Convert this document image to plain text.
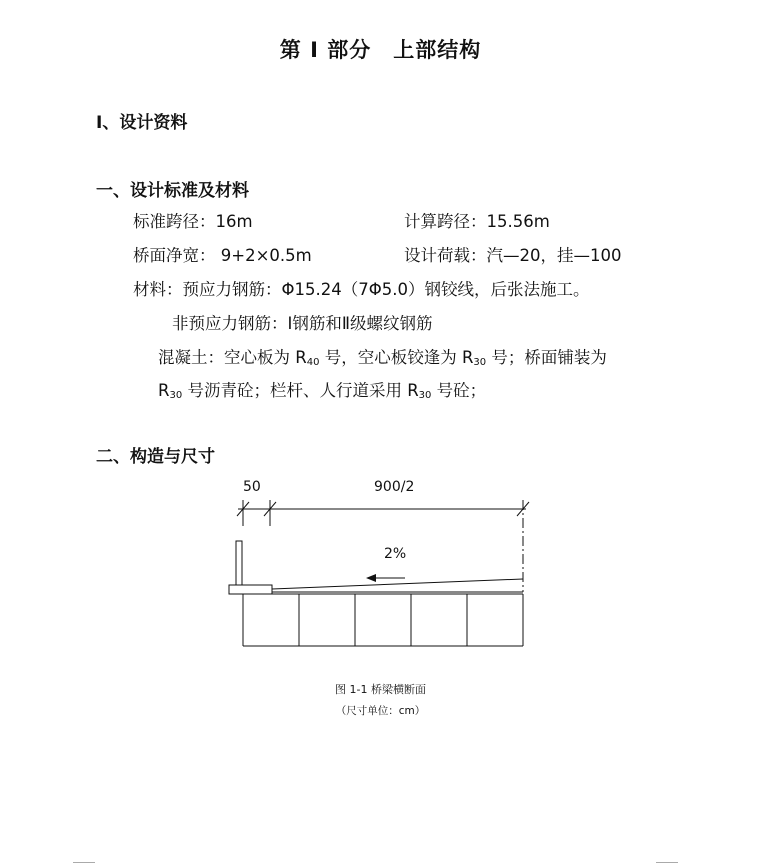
第 I 部分　上部结构
I、设计资料
一、设计标准及材料
标准跨径：16m	计算跨径：15.56m
桥面净宽： 9+2×0.5m	设计荷载：汽—20，挂—100
材料：预应力钢筋：Φ15.24（7Φ5.0）钢铰线，后张法施工。
非预应力钢筋：Ⅰ钢筋和Ⅱ级螺纹钢筋
混凝土：空心板为 $R_{40}$ 号，空心板铰逢为 $R_{30}$ 号；桥面铺装为
$R_{30}$ 号沥青砼；栏杆、人行道采用 $R_{30}$ 号砼；
二、构造与尺寸
50	900/2
2%
图 1-1 桥梁横断面
（尺寸单位：cm）
